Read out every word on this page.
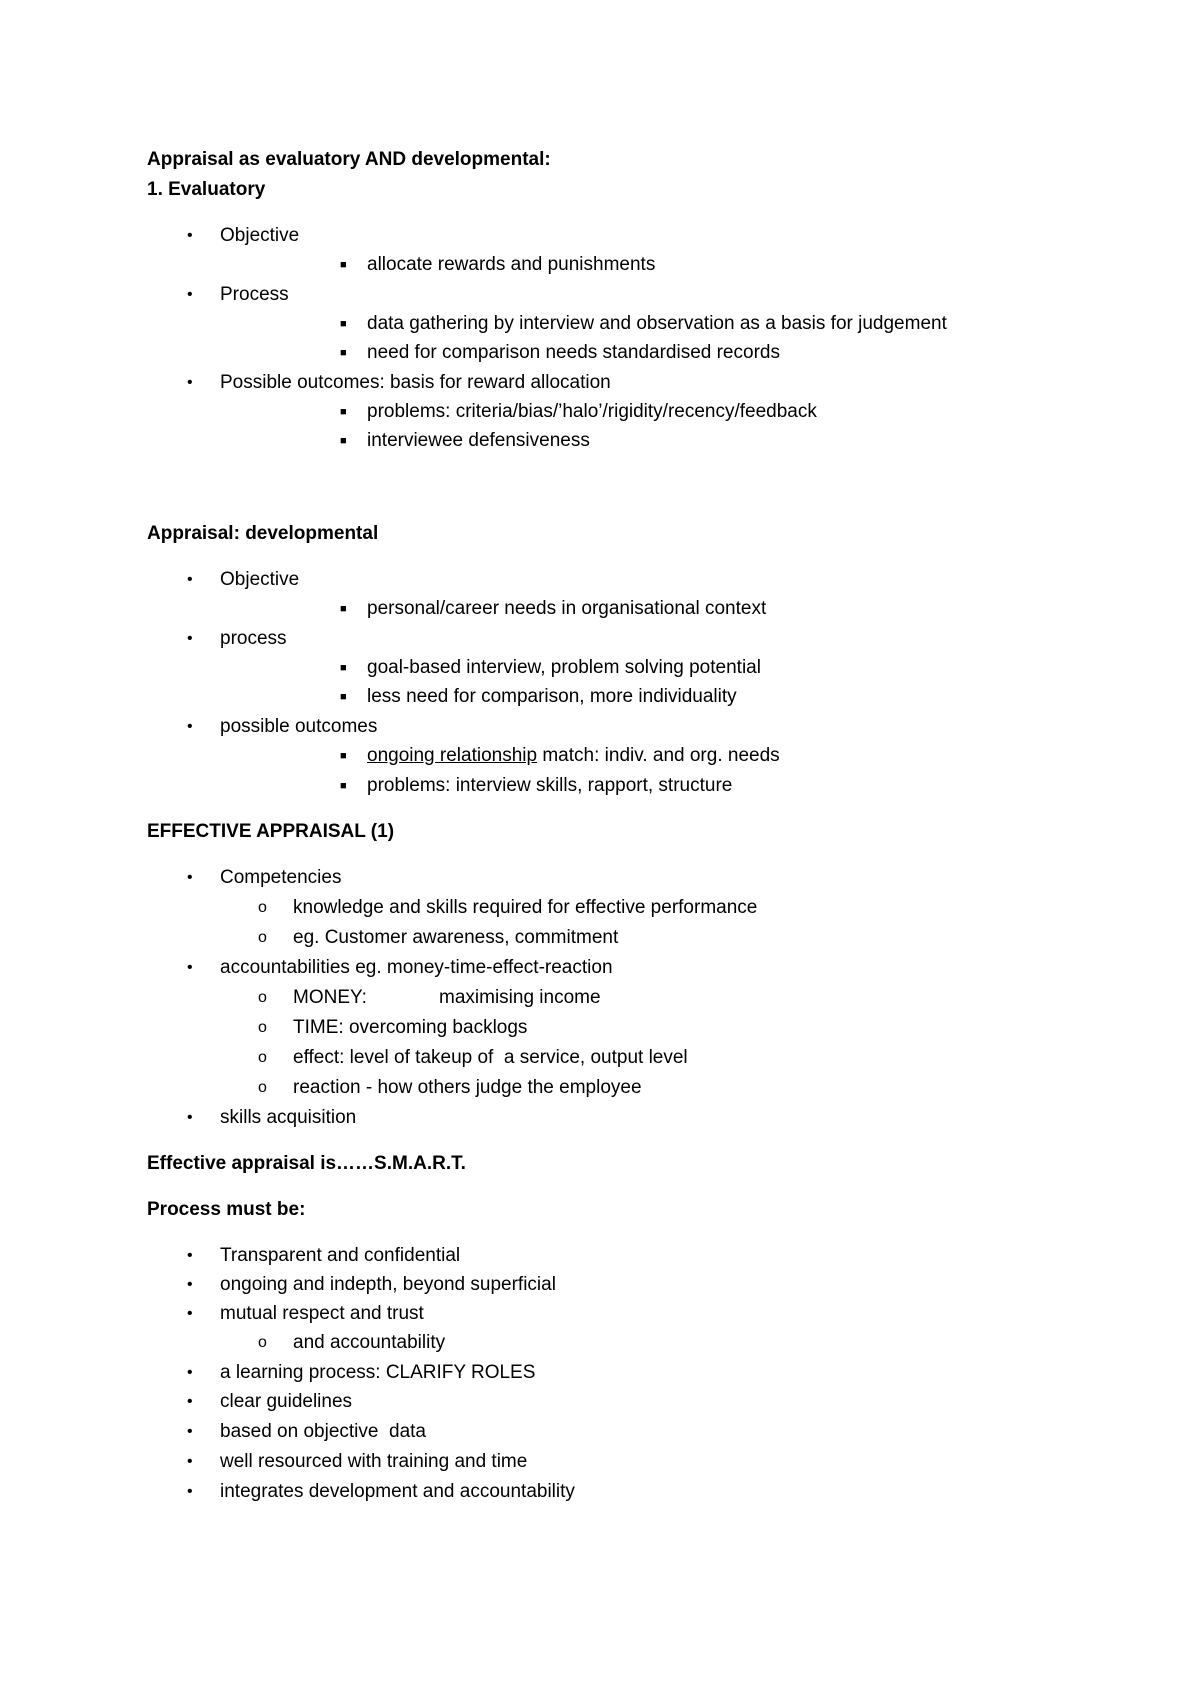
Appraisal as evaluatory AND developmental:
1. Evaluatory
• Objective
■ allocate rewards and punishments
• Process
■ data gathering by interview and observation as a basis for judgement
■ need for comparison needs standardised records
• Possible outcomes: basis for reward allocation
■ problems: criteria/bias/’halo’/rigidity/recency/feedback
■ interviewee defensiveness
Appraisal: developmental
• Objective
■ personal/career needs in organisational context
• process
■ goal-based interview, problem solving potential
■ less need for comparison, more individuality
• possible outcomes
■ ongoing relationship match: indiv. and org. needs
■ problems: interview skills, rapport, structure
EFFECTIVE APPRAISAL (1)
• Competencies
o knowledge and skills required for effective performance
o eg. Customer awareness, commitment
• accountabilities eg. money-time-effect-reaction
o MONEY:	maximising income
o TIME: overcoming backlogs
o effect: level of takeup of  a service, output level
o reaction - how others judge the employee
• skills acquisition
Effective appraisal is……S.M.A.R.T.
Process must be:
• Transparent and confidential
• ongoing and indepth, beyond superficial
• mutual respect and trust
o and accountability
• a learning process: CLARIFY ROLES
• clear guidelines
• based on objective  data
• well resourced with training and time
• integrates development and accountability
